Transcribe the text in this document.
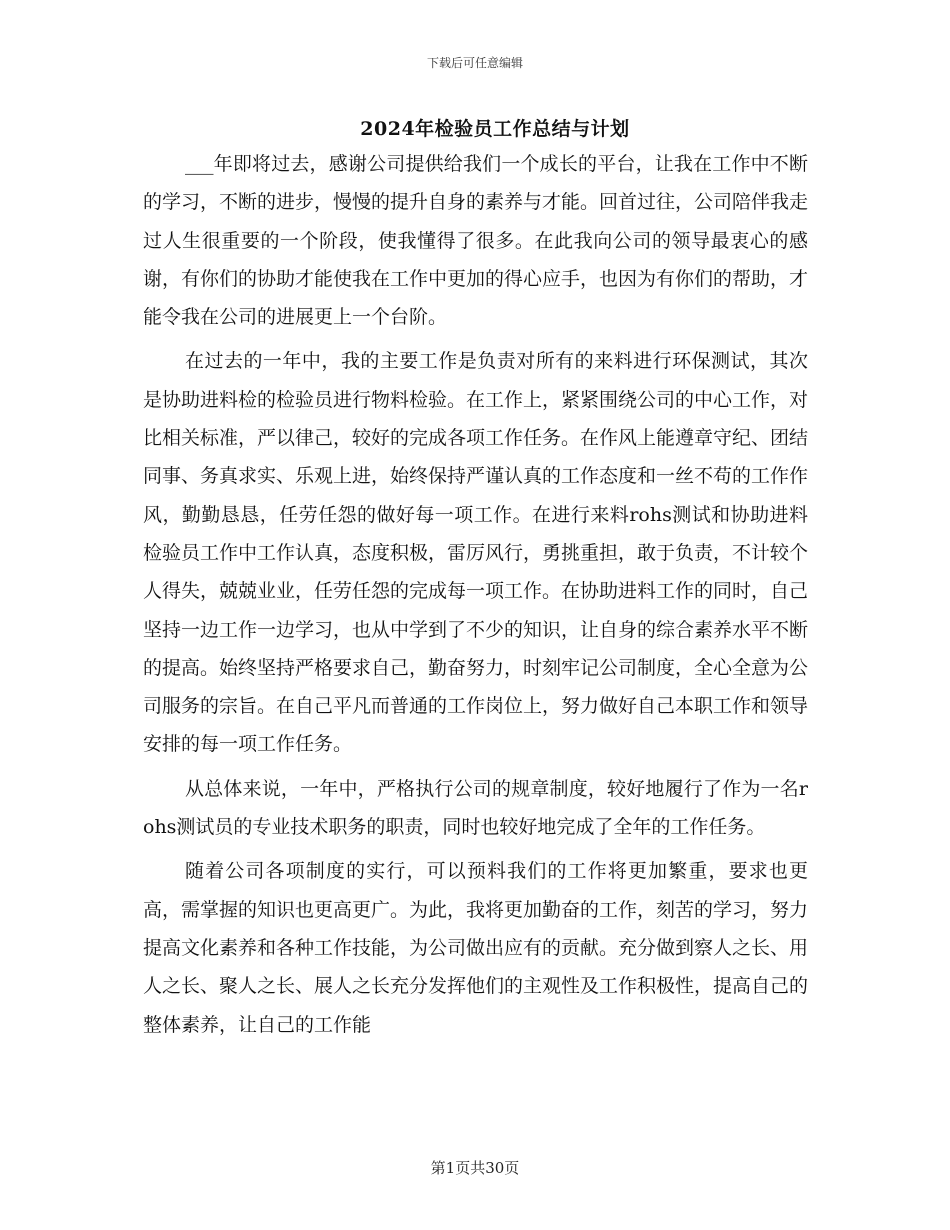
下载后可任意编辑
2024年检验员工作总结与计划

___年即将过去，感谢公司提供给我们一个成长的平台，让我在工作中不断的学习，不断的进步，慢慢的提升自身的素养与才能。回首过往，公司陪伴我走过人生很重要的一个阶段，使我懂得了很多。在此我向公司的领导最衷心的感谢，有你们的协助才能使我在工作中更加的得心应手，也因为有你们的帮助，才能令我在公司的进展更上一个台阶。

在过去的一年中，我的主要工作是负责对所有的来料进行环保测试，其次是协助进料检的检验员进行物料检验。在工作上，紧紧围绕公司的中心工作，对比相关标准，严以律己，较好的完成各项工作任务。在作风上能遵章守纪、团结同事、务真求实、乐观上进，始终保持严谨认真的工作态度和一丝不苟的工作作风，勤勤恳恳，任劳任怨的做好每一项工作。在进行来料rohs测试和协助进料检验员工作中工作认真，态度积极，雷厉风行，勇挑重担，敢于负责，不计较个人得失，兢兢业业，任劳任怨的完成每一项工作。在协助进料工作的同时，自己坚持一边工作一边学习，也从中学到了不少的知识，让自身的综合素养水平不断的提高。始终坚持严格要求自己，勤奋努力，时刻牢记公司制度，全心全意为公司服务的宗旨。在自己平凡而普通的工作岗位上，努力做好自己本职工作和领导安排的每一项工作任务。

从总体来说，一年中，严格执行公司的规章制度，较好地履行了作为一名rohs测试员的专业技术职务的职责，同时也较好地完成了全年的工作任务。

随着公司各项制度的实行，可以预料我们的工作将更加繁重，要求也更高，需掌握的知识也更高更广。为此，我将更加勤奋的工作，刻苦的学习，努力提高文化素养和各种工作技能，为公司做出应有的贡献。充分做到察人之长、用人之长、聚人之长、展人之长充分发挥他们的主观性及工作积极性，提高自己的整体素养，让自己的工作能

第1页共30页
